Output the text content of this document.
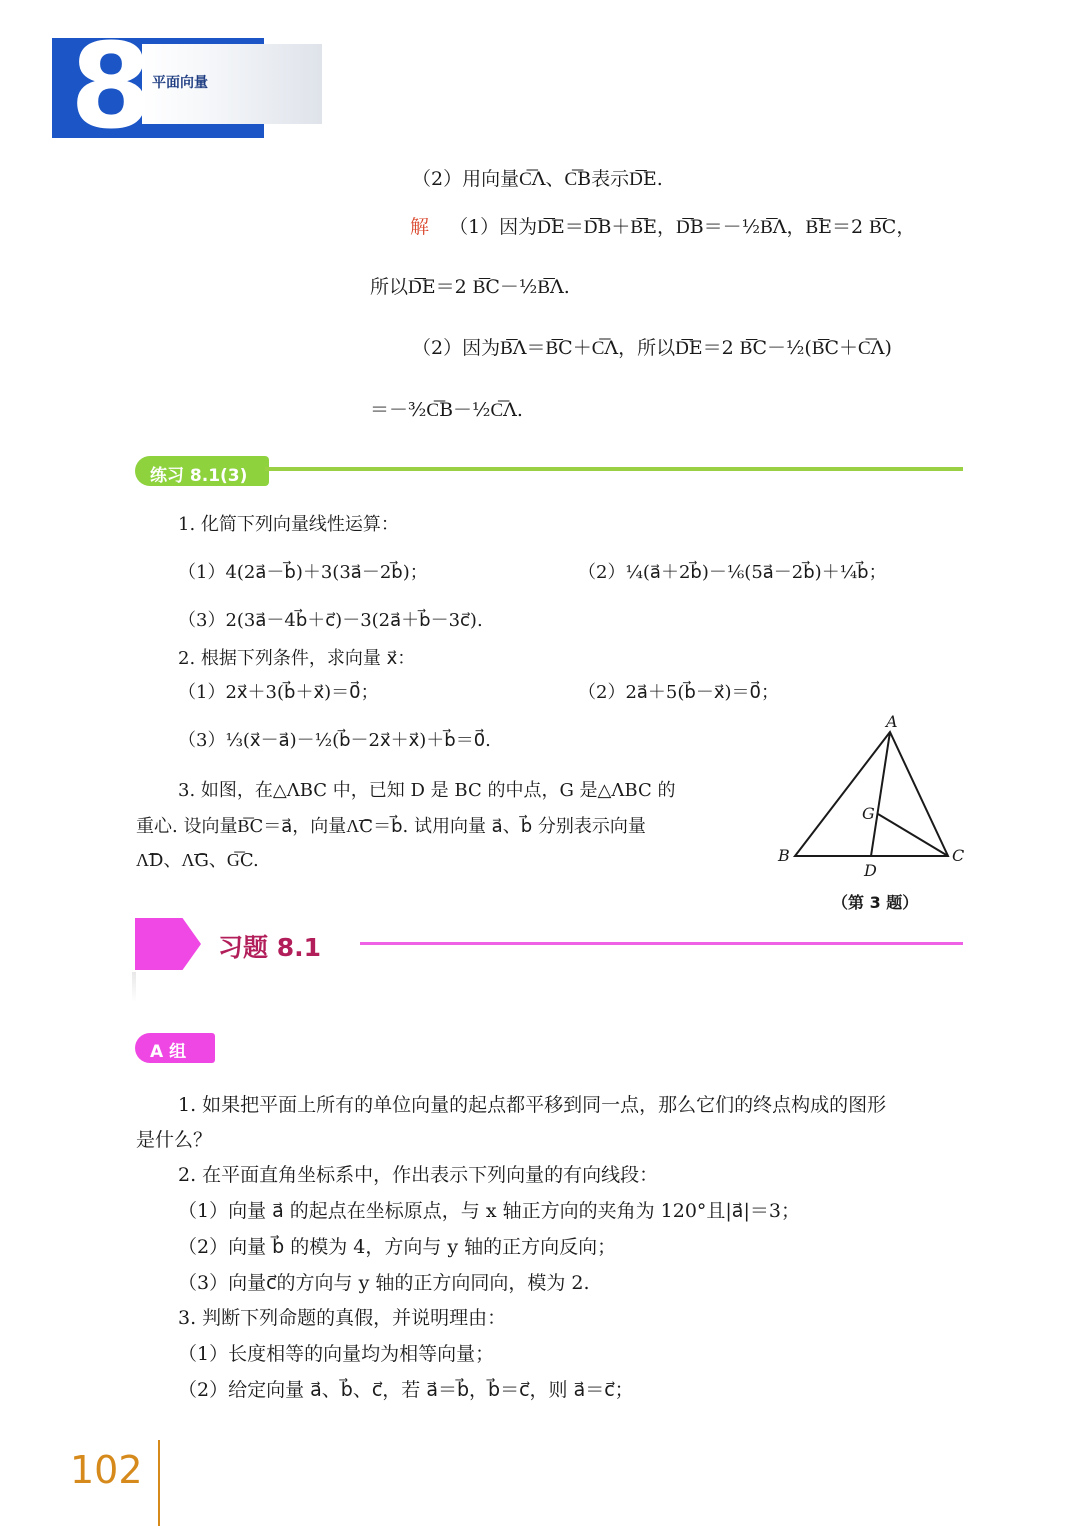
8 平面向量
（2）用向量C͞Λ、C͞B表示D͞E.
解 （1）因为D͞E＝D͞B＋B͞E，D͞B＝－½B͞Λ，B͞E＝2 B͞C，
所以D͞E＝2 B͞C－½B͞Λ.
（2）因为B͞Λ＝B͞C＋C͞Λ，所以D͞E＝2 B͞C－½(B͞C＋C͞Λ)
＝－³⁄₂C͞B－½C͞Λ.
练习 8.1(3)
1. 化简下列向量线性运算：
（1）4(2a⃗－b⃗)＋3(3a⃗－2b⃗)；	（2）¼(a⃗＋2b⃗)－⅙(5a⃗－2b⃗)＋¼b⃗；
（3）2(3a⃗－4b⃗＋c⃗)－3(2a⃗＋b⃗－3c⃗).
2. 根据下列条件，求向量 x⃗：
（1）2x⃗＋3(b⃗＋x⃗)＝0⃗；	（2）2a⃗＋5(b⃗－x⃗)＝0⃗；
（3）⅓(x⃗－a⃗)－½(b⃗－2x⃗＋x⃗)＋b⃗＝0⃗.
3. 如图，在△ΛBC 中，已知 D 是 BC 的中点，G 是△ΛBC 的
重心. 设向量B͞C＝a⃗，向量Λ͞C＝b⃗. 试用向量 a⃗、b⃗ 分别表示向量
Λ͞D、Λ͞G、G͞C.
A
B	C
D
G
（第 3 题）
习题 8.1
A 组
1. 如果把平面上所有的单位向量的起点都平移到同一点，那么它们的终点构成的图形
是什么？
2. 在平面直角坐标系中，作出表示下列向量的有向线段：
（1）向量 a⃗ 的起点在坐标原点，与 x 轴正方向的夹角为 120°且|a⃗|＝3；
（2）向量 b⃗ 的模为 4，方向与 y 轴的正方向反向；
（3）向量c⃗的方向与 y 轴的正方向同向，模为 2.
3. 判断下列命题的真假，并说明理由：
（1）长度相等的向量均为相等向量；
（2）给定向量 a⃗、b⃗、c⃗，若 a⃗＝b⃗，b⃗＝c⃗，则 a⃗＝c⃗；
102
